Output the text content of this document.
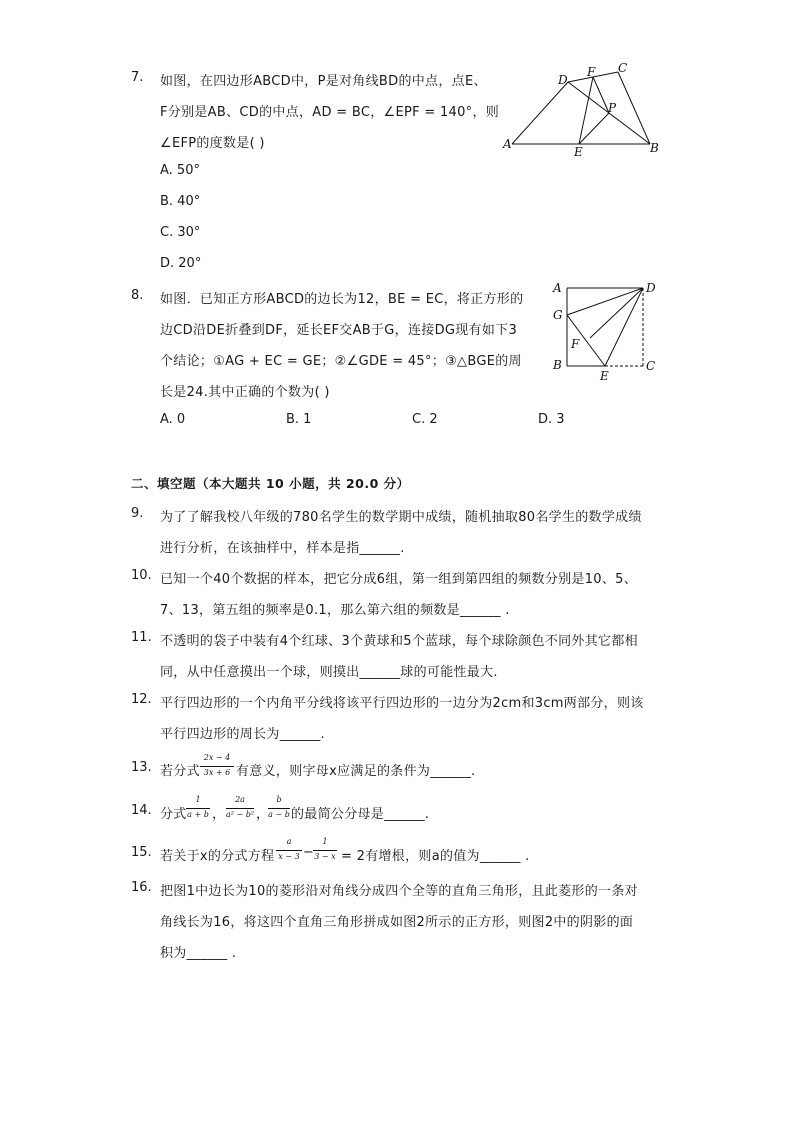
7. 如图，在四边形ABCD中，P是对角线BD的中点，点E、
F分别是AB、CD的中点，AD = BC，∠EPF = 140°，则
∠EFP的度数是( )
A. 50°
B. 40°
C. 30°
D. 20°
D
F C
P
A
E	B
8. 如图．已知正方形ABCD的边长为12，BE = EC，将正方形的
边CD沿DE折叠到DF，延长EF交AB于G，连接DG现有如下3
个结论；①AG + EC = GE；②∠GDE = 45°；③△BGE的周
长是24.其中正确的个数为( )
A. 0	B. 1	C. 2	D. 3
A	D
G
F
B
E
C
二、填空题（本大题共 10 小题，共 20.0 分）
9. 为了了解我校八年级的780名学生的数学期中成绩，随机抽取80名学生的数学成绩
进行分析，在该抽样中，样本是指______.
10. 已知一个40个数据的样本，把它分成6组，第一组到第四组的频数分别是10、5、
7、13，第五组的频率是0.1，那么第六组的频数是______ .
11. 不透明的袋子中装有4个红球、3个黄球和5个蓝球，每个球除颜色不同外其它都相
同，从中任意摸出一个球，则摸出______球的可能性最大.
12. 平行四边形的一个内角平分线将该平行四边形的一边分为2cm和3cm两部分，则该
平行四边形的周长为______.
13. 若分式
2x − 4
3x + 6 有意义，则字母x应满足的条件为______.
14. 分式
1
a + b ，
2a
a² − b² ，
b
a − b 的最简公分母是______.
15. 若关于x的分式方程
a
x − 3 −
1
3 − x = 2有增根，则a的值为______ .
16. 把图1中边长为10的菱形沿对角线分成四个全等的直角三角形，且此菱形的一条对
角线长为16，将这四个直角三角形拼成如图2所示的正方形，则图2中的阴影的面
积为______ .
